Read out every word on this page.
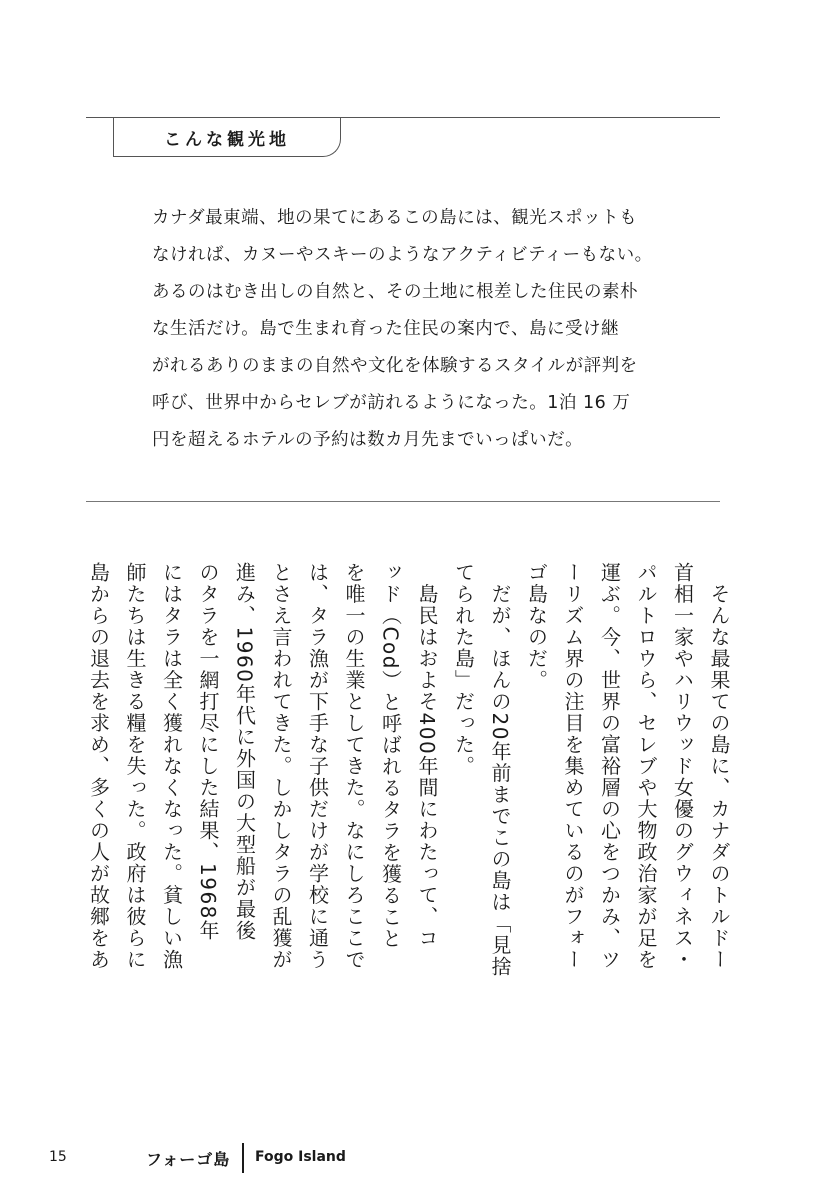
こんな観光地

カナダ最東端、地の果てにあるこの島には、観光スポットも

なければ、カヌーやスキーのようなアクティビティーもない。

あるのはむき出しの自然と、その土地に根差した住民の素朴

な生活だけ。島で生まれ育った住民の案内で、島に受け継

がれるありのままの自然や文化を体験するスタイルが評判を

呼び、世界中からセレブが訪れるようになった。1泊 16 万

円を超えるホテルの予約は数カ月先までいっぱいだ。

　そんな最果ての島に、カナダのトルドー
首相一家やハリウッド女優のグウィネス・
パルトロウら、セレブや大物政治家が足を
運ぶ。今、世界の富裕層の心をつかみ、ツ
ーリズム界の注目を集めているのがフォー
ゴ島なのだ。
　だが、ほんの20年前までこの島は「見捨
てられた島」だった。
　島民はおよそ400年間にわたって、コ
ッド（Cod）と呼ばれるタラを獲ること
を唯一の生業としてきた。なにしろここで
は、タラ漁が下手な子供だけが学校に通う
とさえ言われてきた。しかしタラの乱獲が
進み、1960年代に外国の大型船が最後
のタラを一網打尽にした結果、1968年
にはタラは全く獲れなくなった。貧しい漁
師たちは生きる糧を失った。政府は彼らに
島からの退去を求め、多くの人が故郷をあ
15	フォーゴ島 Fogo Island
